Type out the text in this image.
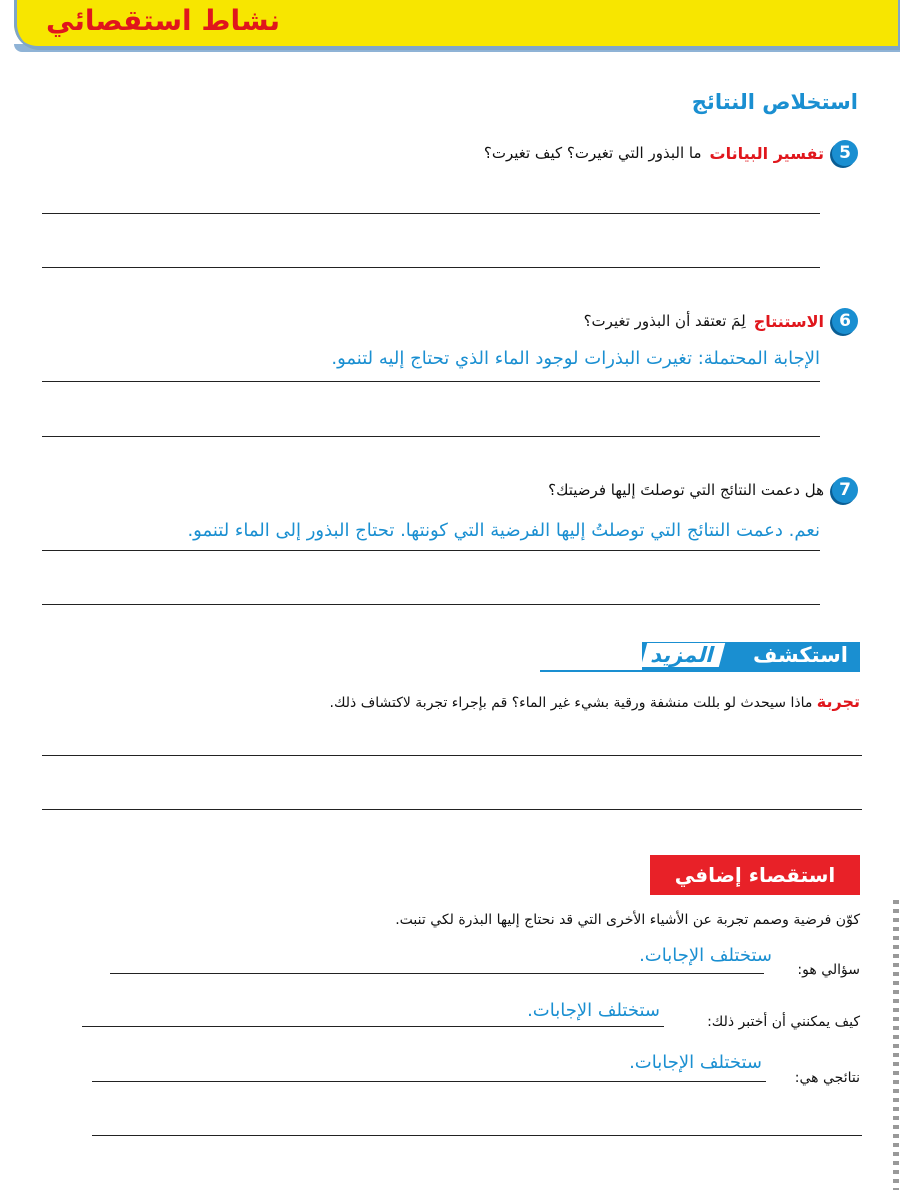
نشاط استقصائي
استخلاص النتائج
5
تفسير البيانات
ما البذور التي تغيرت؟ كيف تغيرت؟
6
الاستنتاج
لِمَ تعتقد أن البذور تغيرت؟
الإجابة المحتملة: تغيرت البذرات لوجود الماء الذي تحتاج إليه لتنمو.
7
هل دعمت النتائج التي توصلتَ إليها فرضيتك؟
نعم. دعمت النتائج التي توصلتُ إليها الفرضية التي كونتها. تحتاج البذور إلى الماء لتنمو.
استكشف
المزيد
تجربة ماذا سيحدث لو بللت منشفة ورقية بشيء غير الماء؟ قم بإجراء تجربة لاكتشاف ذلك.
استقصاء إضافي
كوّن فرضية وصمم تجربة عن الأشياء الأخرى التي قد نحتاج إليها البذرة لكي تنبت.
سؤالي هو:
ستختلف الإجابات.
كيف يمكنني أن أختبر ذلك:
ستختلف الإجابات.
نتائجي هي:
ستختلف الإجابات.
